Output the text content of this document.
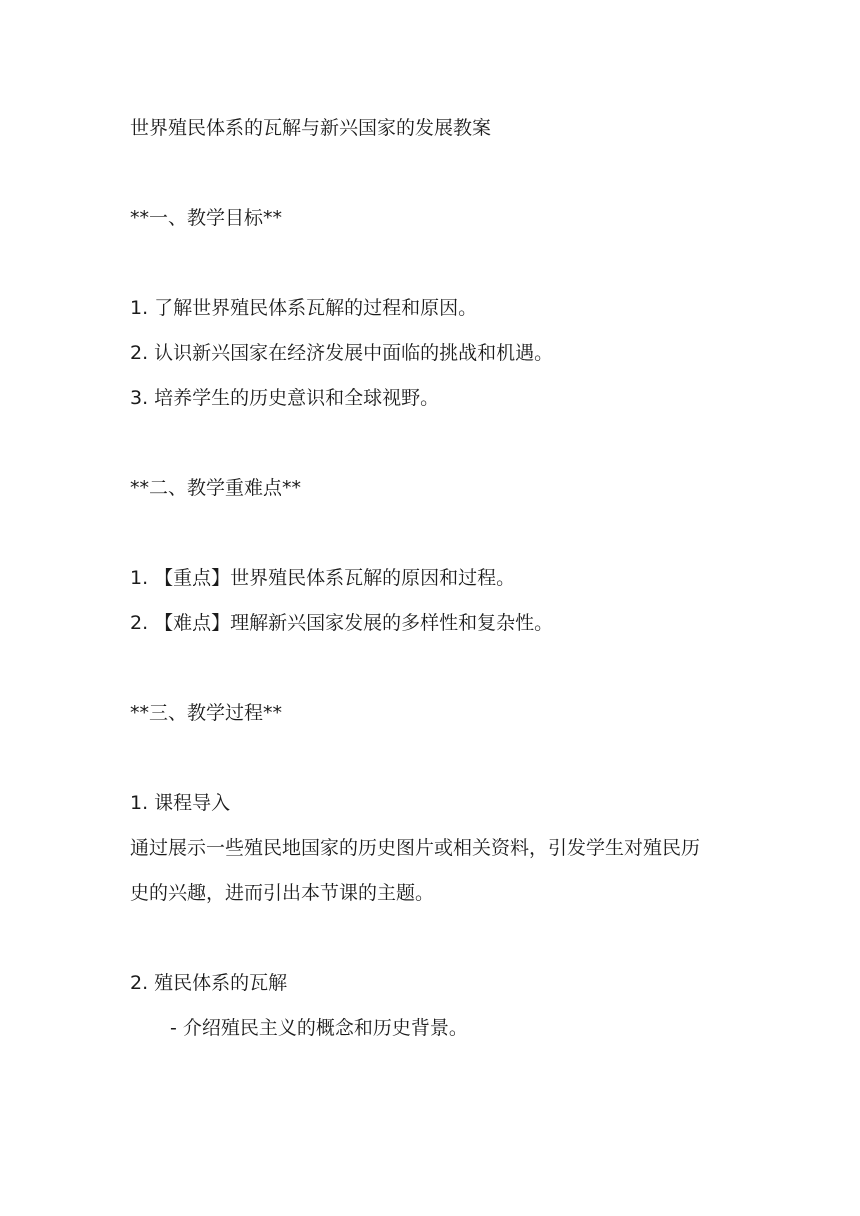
世界殖民体系的瓦解与新兴国家的发展教案
**一、教学目标**
1. 了解世界殖民体系瓦解的过程和原因。
2. 认识新兴国家在经济发展中面临的挑战和机遇。
3. 培养学生的历史意识和全球视野。
**二、教学重难点**
1. 【重点】世界殖民体系瓦解的原因和过程。
2. 【难点】理解新兴国家发展的多样性和复杂性。
**三、教学过程**
1. 课程导入
通过展示一些殖民地国家的历史图片或相关资料，引发学生对殖民历
史的兴趣，进而引出本节课的主题。
2. 殖民体系的瓦解
- 介绍殖民主义的概念和历史背景。
